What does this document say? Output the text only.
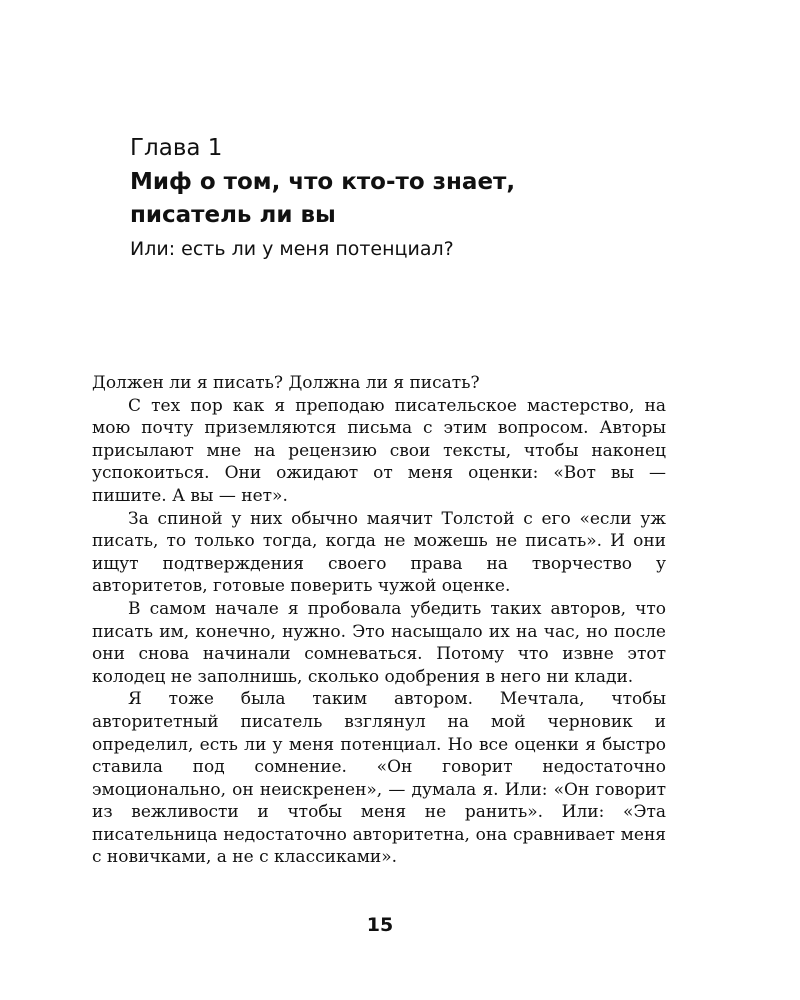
Глава 1
Миф о том, что кто-то знает,
писатель ли вы
Или: есть ли у меня потенциал?

Должен ли я писать? Должна ли я писать?

С тех пор как я преподаю писательское мастерство, на мою почту приземляются письма с этим вопросом. Авторы присылают мне на рецензию свои тексты, чтобы наконец успокоиться. Они ожидают от меня оценки: «Вот вы — пишите. А вы — нет».

За спиной у них обычно маячит Толстой с его «если уж писать, то только тогда, когда не можешь не писать». И они ищут подтверждения своего права на творчество у авторитетов, готовые поверить чужой оценке.

В самом начале я пробовала убедить таких авторов, что писать им, конечно, нужно. Это насыщало их на час, но после они снова начинали сомневаться. Потому что извне этот колодец не заполнишь, сколько одобрения в него ни клади.

Я тоже была таким автором. Мечтала, чтобы авторитетный писатель взглянул на мой черновик и определил, есть ли у меня потенциал. Но все оценки я быстро ставила под сомнение. «Он говорит недостаточно эмоционально, он неискренен», — думала я. Или: «Он говорит из вежливости и чтобы меня не ранить». Или: «Эта писательница недостаточно авторитетна, она сравнивает меня с новичками, а не с классиками».

15
